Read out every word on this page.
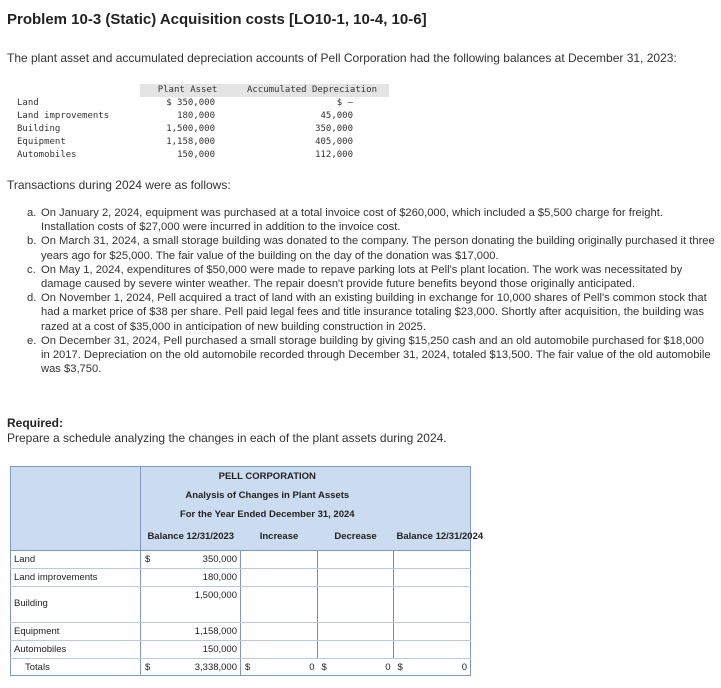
Problem 10-3 (Static) Acquisition costs [LO10-1, 10-4, 10-6]
The plant asset and accumulated depreciation accounts of Pell Corporation had the following balances at December 31, 2023:
	Plant Asset	Accumulated Depreciation
Land	$ 350,000	$ –
Land improvements	180,000	45,000
Building	1,500,000	350,000
Equipment	1,158,000	405,000
Automobiles	150,000	112,000
Transactions during 2024 were as follows:
a. On January 2, 2024, equipment was purchased at a total invoice cost of $260,000, which included a $5,500 charge for freight. Installation costs of $27,000 were incurred in addition to the invoice cost.
b. On March 31, 2024, a small storage building was donated to the company. The person donating the building originally purchased it three years ago for $25,000. The fair value of the building on the day of the donation was $17,000.
c. On May 1, 2024, expenditures of $50,000 were made to repave parking lots at Pell's plant location. The work was necessitated by damage caused by severe winter weather. The repair doesn't provide future benefits beyond those originally anticipated.
d. On November 1, 2024, Pell acquired a tract of land with an existing building in exchange for 10,000 shares of Pell's common stock that had a market price of $38 per share. Pell paid legal fees and title insurance totaling $23,000. Shortly after acquisition, the building was razed at a cost of $35,000 in anticipation of new building construction in 2025.
e. On December 31, 2024, Pell purchased a small storage building by giving $15,250 cash and an old automobile purchased for $18,000 in 2017. Depreciation on the old automobile recorded through December 31, 2024, totaled $13,500. The fair value of the old automobile was $3,750.
Required:
Prepare a schedule analyzing the changes in each of the plant assets during 2024.
	PELL CORPORATION			
	Analysis of Changes in Plant Assets			
	For the Year Ended December 31, 2024			
	Balance 12/31/2023	Increase	Decrease	Balance 12/31/2024
Land	$ 350,000			
Land improvements	180,000			
Building	1,500,000			
Equipment	1,158,000			
Automobiles	150,000			
Totals	$ 3,338,000	$ 0	$ 0	$ 0
